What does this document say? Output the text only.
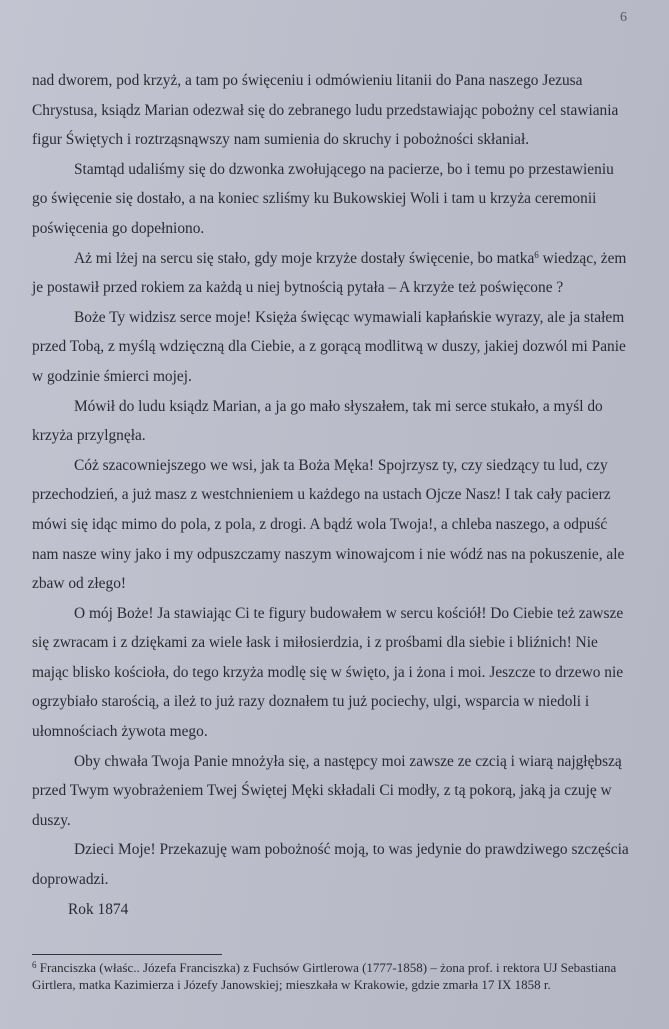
6

nad dworem, pod krzyż, a tam po święceniu i odmówieniu litanii do Pana naszego Jezusa Chrystusa, ksiądz Marian odezwał się do zebranego ludu przedstawiając pobożny cel stawiania figur Świętych i roztrząsnąwszy nam sumienia do skruchy i pobożności skłaniał.

Stamtąd udaliśmy się do dzwonka zwołującego na pacierze, bo i temu po przestawieniu go święcenie się dostało, a na koniec szliśmy ku Bukowskiej Woli i tam u krzyża ceremonii poświęcenia go dopełniono.

Aż mi lżej na sercu się stało, gdy moje krzyże dostały święcenie, bo matka$^6$ wiedząc, żem je postawił przed rokiem za każdą u niej bytnością pytała – A krzyże też poświęcone ?

Boże Ty widzisz serce moje! Księża święcąc wymawiali kapłańskie wyrazy, ale ja stałem przed Tobą, z myślą wdzięczną dla Ciebie, a z gorącą modlitwą w duszy, jakiej dozwól mi Panie w godzinie śmierci mojej.

Mówił do ludu ksiądz Marian, a ja go mało słyszałem, tak mi serce stukało, a myśl do krzyża przylgnęła.

Cóż szacowniejszego we wsi, jak ta Boża Męka! Spojrzysz ty, czy siedzący tu lud, czy przechodzień, a już masz z westchnieniem u każdego na ustach Ojcze Nasz! I tak cały pacierz mówi się idąc mimo do pola, z pola, z drogi. A bądź wola Twoja!, a chleba naszego, a odpuść nam nasze winy jako i my odpuszczamy naszym winowajcom i nie wódź nas na pokuszenie, ale zbaw od złego!

O mój Boże! Ja stawiając Ci te figury budowałem w sercu kościół! Do Ciebie też zawsze się zwracam i z dziękami za wiele łask i miłosierdzia, i z prośbami dla siebie i bliźnich! Nie mając blisko kościoła, do tego krzyża modlę się w święto, ja i żona i moi. Jeszcze to drzewo nie ogrzybiało starością, a ileż to już razy doznałem tu już pociechy, ulgi, wsparcia w niedoli i ułomnościach żywota mego.

Oby chwała Twoja Panie mnożyła się, a następcy moi zawsze ze czcią i wiarą najgłębszą przed Twym wyobrażeniem Twej Świętej Męki składali Ci modły, z tą pokorą, jaką ja czuję w duszy.

Dzieci Moje! Przekazuję wam pobożność moją, to was jedynie do prawdziwego szczęścia doprowadzi.

Rok 1874

$^6$ Franciszka (właśc.. Józefa Franciszka) z Fuchsów Girtlerowa (1777-1858) – żona prof. i rektora UJ Sebastiana Girtlera, matka Kazimierza i Józefy Janowskiej; mieszkała w Krakowie, gdzie zmarła 17 IX 1858 r.
